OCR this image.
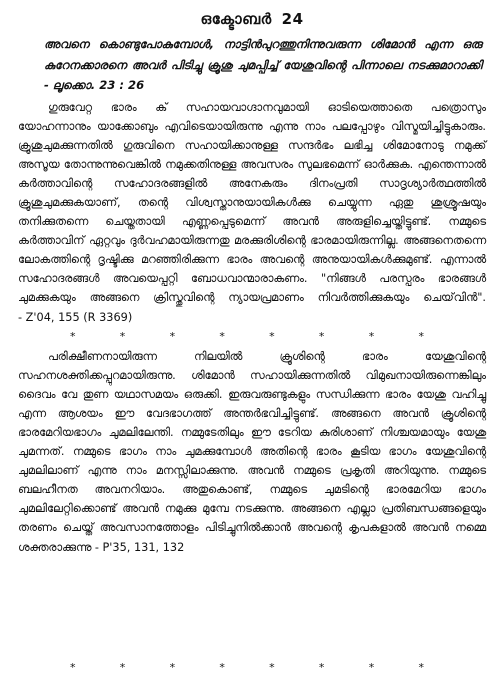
ഒക്ടോബർ 24
അവനെ കൊണ്ടുപോകുമ്പോൾ, നാട്ടിൻപുറത്തുനിന്നുവരുന്ന ശിമോൻ എന്ന ഒരു കുറേനക്കാരനെ അവർ പിടിച്ചു ക്രൂശു ചുമപ്പിച്ച് യേശുവിന്റെ പിന്നാലെ നടക്കുമാറാക്കി - ലൂക്കൊ. 23 : 26

ഗുരുവേറ്റ ഭാരം ക് സഹായവാഗ്ദാനവുമായി ഓടിയെത്താതെ പത്രൊസും യോഹന്നാനും യാക്കോബും എവിടെയായിരുന്നു എന്നു നാം പലപ്പോഴും വിസ്മയിച്ചിട്ടുകാരും. ക്രൂശുചുമക്കുന്നതിൽ ഗുരുവിനെ സഹായിക്കാനുള്ള സന്ദർഭം ലഭിച്ച ശിമോനോടു നമുക്ക് അസൂയ തോന്നുന്നുവെങ്കിൽ നമുക്കതിനുള്ള അവസരം സുലഭമെന്ന് ഓർക്കുക. എന്തെന്നാൽ കർത്താവിന്റെ സഹോദരങ്ങളിൽ അനേകരും ദിനംപ്രതി സാദൃശ്യാർത്ഥത്തിൽ ക്രൂശുചുമക്കുകയാണ്, തന്റെ വിശ്വസ്താനുയായികൾക്കു ചെയ്യുന്ന ഏതു ശുശ്രൂഷയും തനിക്കുതന്നെ ചെയ്തതായി എണ്ണപ്പെടുമെന്ന് അവൻ അരുളിച്ചെയ്തിട്ടുണ്ട്. നമ്മുടെ കർത്താവിന് ഏറ്റവും ദുർവഹമായിരുന്നതു മരക്കുരിശിന്റെ ഭാരമായിരുന്നില്ല. അങ്ങനെതന്നെ ലോകത്തിന്റെ ദൃഷ്ടിക്കു മറഞ്ഞിരിക്കുന്ന ഭാരം അവന്റെ അനുയായികൾക്കുമുണ്ട്. എന്നാൽ സഹോദരങ്ങൾ അവയെപ്പറ്റി ബോധവാന്മാരാകണം. "നിങ്ങൾ പരസ്പരം ഭാരങ്ങൾ ചുമക്കുകയും അങ്ങനെ ക്രിസ്തുവിന്റെ ന്യായപ്രമാണം നിവർത്തിക്കുകയും ചെയ്‌വിൻ". - Z'04, 155 (R 3369)

*	*	*	*	*	*	*	*

പരിക്ഷീണനായിരുന്ന നിലയിൽ ക്രൂശിന്റെ ഭാരം യേശുവിന്റെ സഹനശക്തിക്കപ്പുറമായിരുന്നു. ശിമോൻ സഹായിക്കുന്നതിൽ വിമുഖനായിരുന്നെങ്കിലും ദൈവം വേ തുണ യഥാസമയം ഒരുക്കി. ഇരുവരുണ്ടുകളും സന്ധിക്കുന്ന ഭാരം യേശു വഹിച്ചു എന്ന ആശയം ഈ വേദഭാഗത്ത് അന്തർഭവിച്ചിട്ടുണ്ട്. അങ്ങനെ അവൻ ക്രൂശിന്റെ ഭാരമേറിയഭാഗം ചുമലിലേന്തി. നമ്മുടേതിലും ഈ ടേറിയ കുരിശാണ് നിശ്ചയമായും യേശു ചുമന്നത്. നമ്മുടെ ഭാഗം നാം ചുമക്കുമ്പോൾ അതിന്റെ ഭാരം കൂടിയ ഭാഗം യേശുവിന്റെ ചുമലിലാണ് എന്നു നാം മനസ്സിലാക്കുന്നു. അവൻ നമ്മുടെ പ്രകൃതി അറിയുന്നു. നമ്മുടെ ബലഹീനത അവനറിയാം. അതുകൊണ്ട്, നമ്മുടെ ചുമടിന്റെ ഭാരമേറിയ ഭാഗം ചുമലിലേറ്റിക്കൊണ്ട് അവൻ നമുക്കു മുമ്പേ നടക്കുന്നു. അങ്ങനെ എല്ലാ പ്രതിബന്ധങ്ങളെയും തരണം ചെയ്ത് അവസാനത്തോളം പിടിച്ചുനിൽക്കാൻ അവന്റെ കൃപകളാൽ അവൻ നമ്മെ ശക്തരാക്കുന്നു - P'35, 131, 132

*	*	*	*	*	*	*	*
